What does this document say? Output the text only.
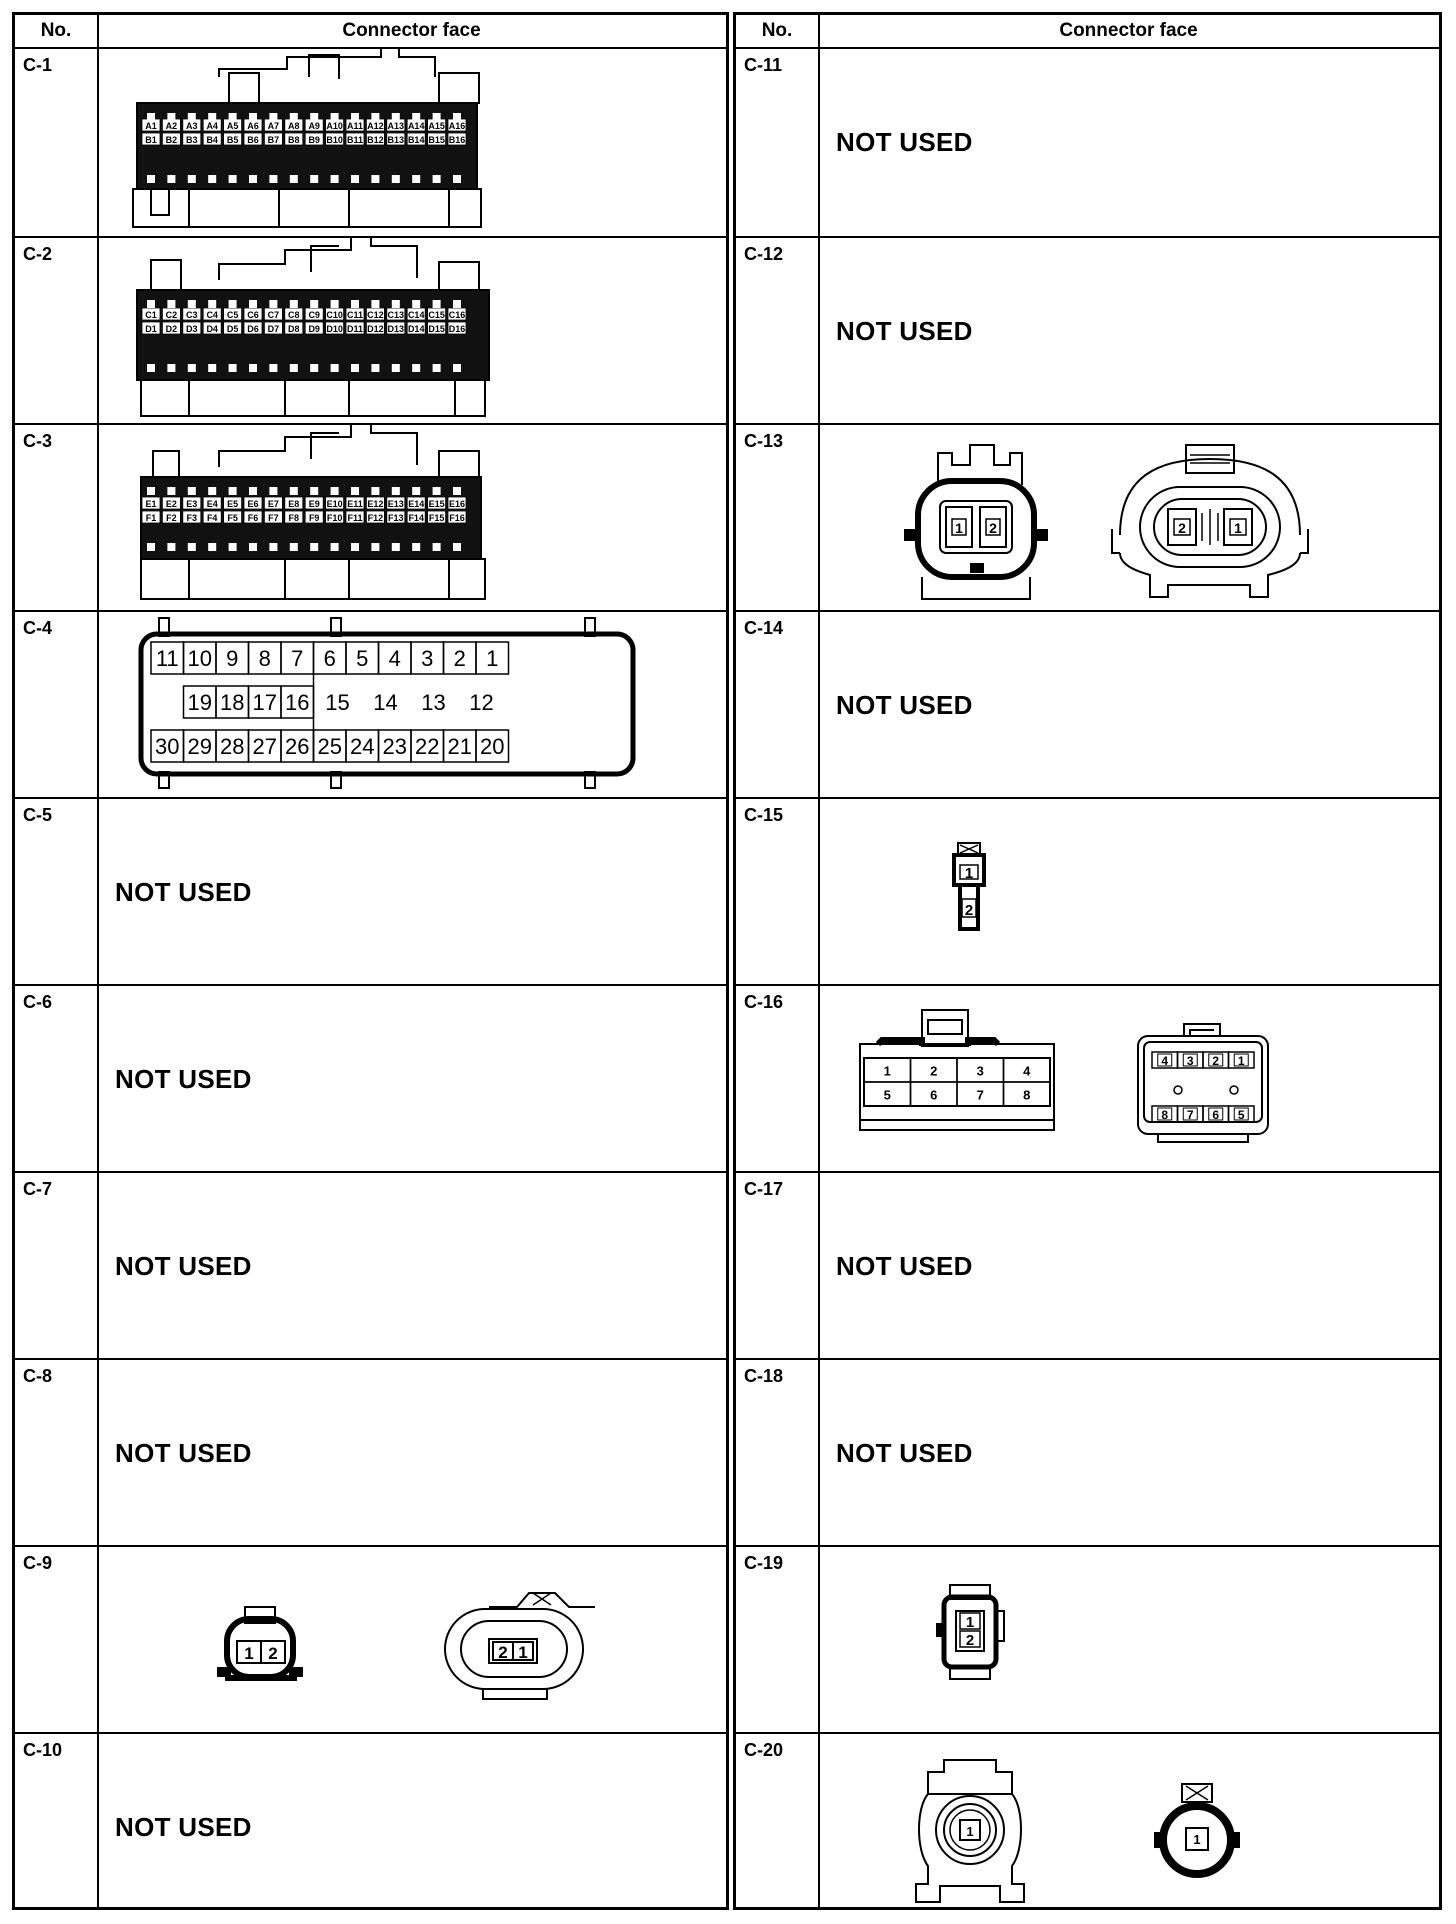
No.	Connector face
C-1
A1 A2 A3 A4 A5 A6 A7 A8 A9 A10 A11 A12 A13 A14 A15 A16
B1 B2 B3 B4 B5 B6 B7 B8 B9 B10 B11 B12 B13 B14 B15 B16
C-2
C1 C2 C3 C4 C5 C6 C7 C8 C9 C10 C11 C12 C13 C14 C15 C16
D1 D2 D3 D4 D5 D6 D7 D8 D9 D10 D11 D12 D13 D14 D15 D16
C-3
E1 E2 E3 E4 E5 E6 E7 E8 E9 E10 E11 E12 E13 E14 E15 E16
F1 F2 F3 F4 F5 F6 F7 F8 F9 F10 F11 F12 F13 F14 F15 F16
C-4
11 10 9 8 7 6 5 4 3 2 1
19 18 17 16 15 14 13 12
30 29 28 27 26 25 24 23 22 21 20
C-5
NOT USED
C-6
NOT USED
C-7
NOT USED
C-8
NOT USED
C-9
1 2	2 1
C-10
NOT USED
No.	Connector face
C-11
NOT USED
C-12
NOT USED
C-13
1 2	2	1
C-14
NOT USED
C-15
1
2
C-16
1	2	3	4
5	6	7	8
4 3 2 1
8 7 6 5
C-17
NOT USED
C-18
NOT USED
C-19
1
2
C-20
1
1
